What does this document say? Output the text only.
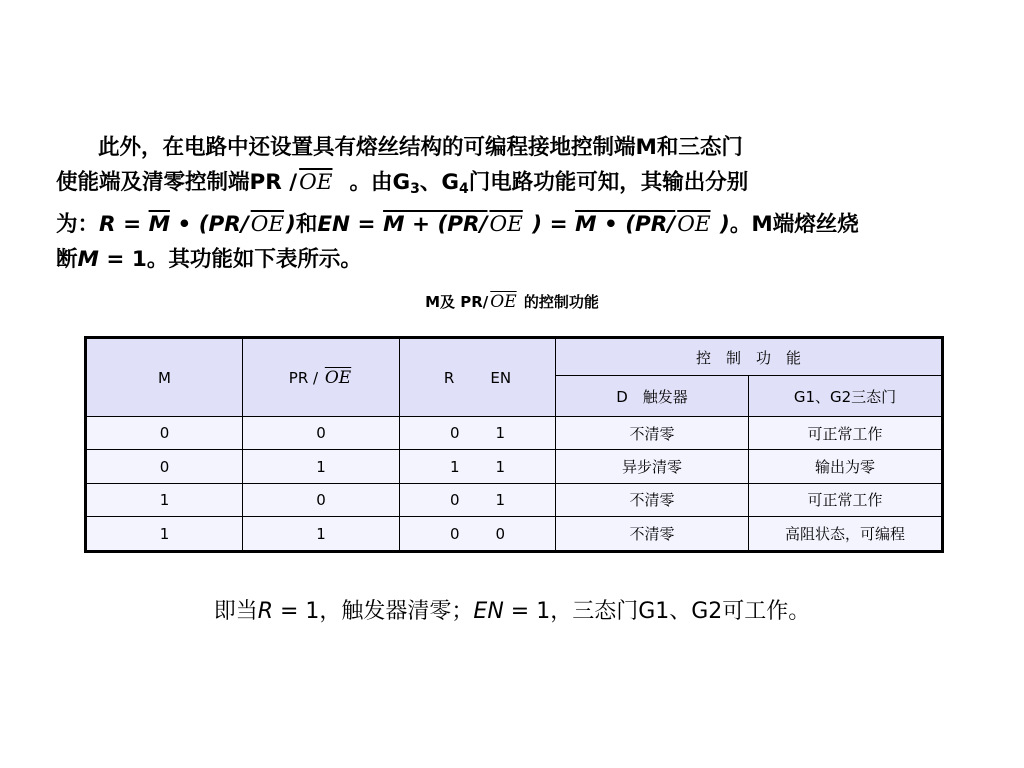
此外，在电路中还设置具有熔丝结构的可编程接地控制端M和三态门
使能端及清零控制端PR $/\overline{OE}$ 。由$G_3$、$G_4$门电路功能可知，其输出分别
为：$R = \overline{M}$ • $(PR/\overline{OE})$和EN = $\overline{M} + (PR/\overline{OE}$ ) = $\overline{M}$ • ($PR/\overline{OE}$ )。M端熔丝烧
断M = 1。其功能如下表所示。
M及 PR/ $\overline{OE}$ 的控制功能
M	PR / $\overline{OE}$	R EN	控　制　功　能	
			D　触发器	G1、G2三态门
0	0	0 1	不清零	可正常工作
0	1	1 1	异步清零	输出为零
1	0	0 1	不清零	可正常工作
1	1	0 0	不清零	高阻状态，可编程
即当R = 1，触发器清零；EN = 1，三态门G1、G2可工作。
